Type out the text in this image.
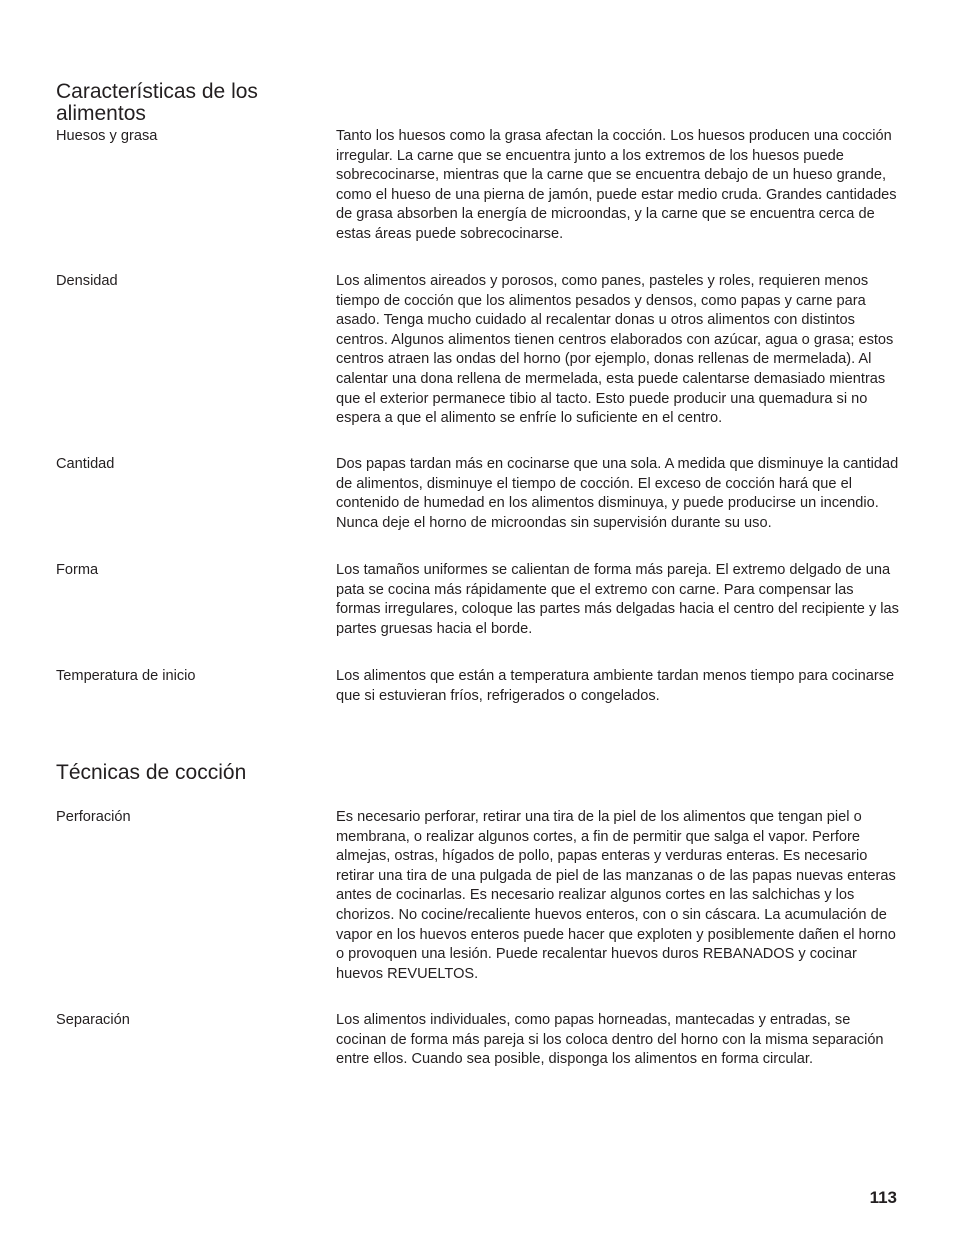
Características de los alimentos

Huesos y grasa	Tanto los huesos como la grasa afectan la cocción. Los huesos producen una cocción irregular. La carne que se encuentra junto a los extremos de los huesos puede sobrecocinarse, mientras que la carne que se encuentra debajo de un hueso grande, como el hueso de una pierna de jamón, puede estar medio cruda. Grandes cantidades de grasa absorben la energía de microondas, y la carne que se encuentra cerca de estas áreas puede sobrecocinarse.

Densidad	Los alimentos aireados y porosos, como panes, pasteles y roles, requieren menos tiempo de cocción que los alimentos pesados y densos, como papas y carne para asado. Tenga mucho cuidado al recalentar donas u otros alimentos con distintos centros. Algunos alimentos tienen centros elaborados con azúcar, agua o grasa; estos centros atraen las ondas del horno (por ejemplo, donas rellenas de mermelada). Al calentar una dona rellena de mermelada, esta puede calentarse demasiado mientras que el exterior permanece tibio al tacto. Esto puede producir una quemadura si no espera a que el alimento se enfríe lo suficiente en el centro.

Cantidad	Dos papas tardan más en cocinarse que una sola. A medida que disminuye la cantidad de alimentos, disminuye el tiempo de cocción. El exceso de cocción hará que el contenido de humedad en los alimentos disminuya, y puede producirse un incendio. Nunca deje el horno de microondas sin supervisión durante su uso.

Forma	Los tamaños uniformes se calientan de forma más pareja. El extremo delgado de una pata se cocina más rápidamente que el extremo con carne. Para compensar las formas irregulares, coloque las partes más delgadas hacia el centro del recipiente y las partes gruesas hacia el borde.

Temperatura de inicio	Los alimentos que están a temperatura ambiente tardan menos tiempo para cocinarse que si estuvieran fríos, refrigerados o congelados.

Técnicas de cocción

Perforación	Es necesario perforar, retirar una tira de la piel de los alimentos que tengan piel o membrana, o realizar algunos cortes, a fin de permitir que salga el vapor. Perfore almejas, ostras, hígados de pollo, papas enteras y verduras enteras. Es necesario retirar una tira de una pulgada de piel de las manzanas o de las papas nuevas enteras antes de cocinarlas. Es necesario realizar algunos cortes en las salchichas y los chorizos. No cocine/recaliente huevos enteros, con o sin cáscara. La acumulación de vapor en los huevos enteros puede hacer que exploten y posiblemente dañen el horno o provoquen una lesión. Puede recalentar huevos duros REBANADOS y cocinar huevos REVUELTOS.

Separación	Los alimentos individuales, como papas horneadas, mantecadas y entradas, se cocinan de forma más pareja si los coloca dentro del horno con la misma separación entre ellos. Cuando sea posible, disponga los alimentos en forma circular.

113
